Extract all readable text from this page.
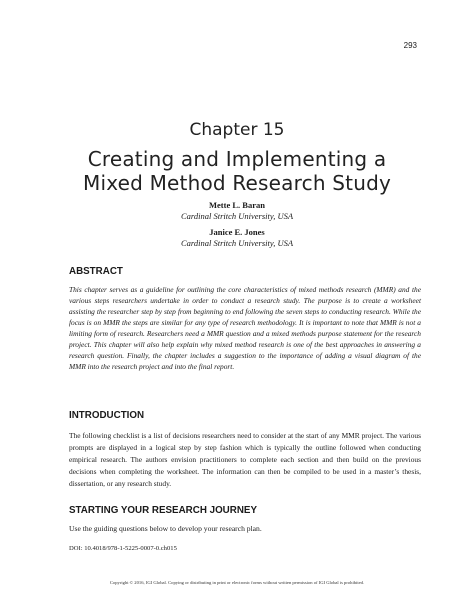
293
Chapter 15
Creating and Implementing a
Mixed Method Research Study
Mette L. Baran
Cardinal Stritch University, USA
Janice E. Jones
Cardinal Stritch University, USA
ABSTRACT
This chapter serves as a guideline for outlining the core characteristics of mixed methods research (MMR) and the various steps researchers undertake in order to conduct a research study. The purpose is to create a worksheet assisting the researcher step by step from beginning to end following the seven steps to conducting research. While the focus is on MMR the steps are similar for any type of research methodology. It is important to note that MMR is not a limiting form of research. Researchers need a MMR question and a mixed methods purpose statement for the research project. This chapter will also help explain why mixed method research is one of the best approaches in answering a research question. Finally, the chapter includes a suggestion to the importance of adding a visual diagram of the MMR into the research project and into the final report.
INTRODUCTION
The following checklist is a list of decisions researchers need to consider at the start of any MMR project. The various prompts are displayed in a logical step by step fashion which is typically the outline followed when conducting empirical research. The authors envision practitioners to complete each section and then build on the previous decisions when completing the worksheet. The information can then be compiled to be used in a master’s thesis, dissertation, or any research study.
STARTING YOUR RESEARCH JOURNEY
Use the guiding questions below to develop your research plan.
DOI: 10.4018/978-1-5225-0007-0.ch015
Copyright © 2016, IGI Global. Copying or distributing in print or electronic forms without written permission of IGI Global is prohibited.
